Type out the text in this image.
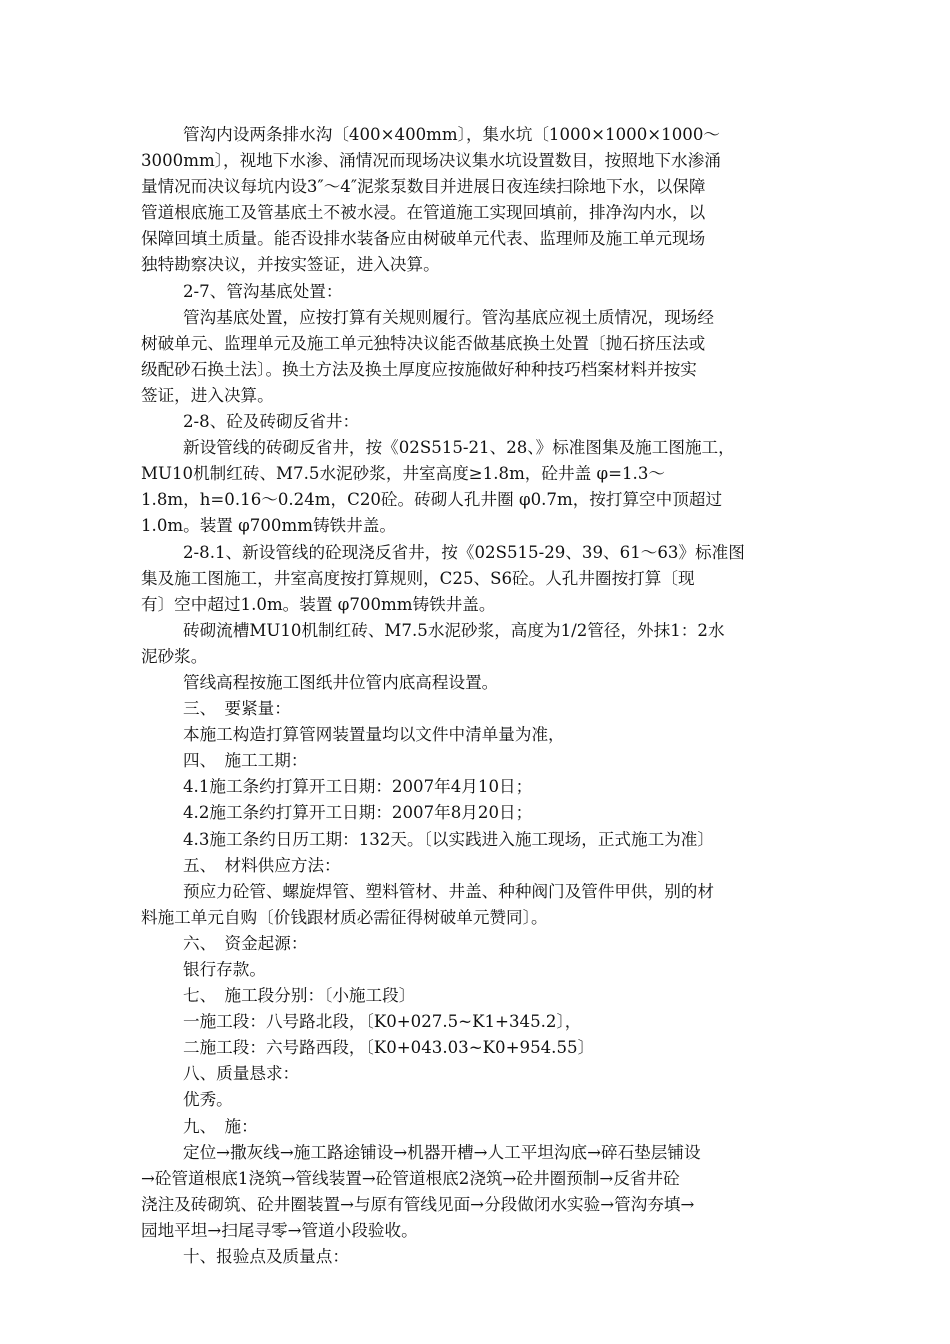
管沟内设两条排水沟〔400×400mm〕，集水坑〔1000×1000×1000～
3000mm〕，视地下水渗、涌情况而现场决议集水坑设置数目，按照地下水渗涌
量情况而决议每坑内设3″～4″泥浆泵数目并进展日夜连续扫除地下水，以保障
管道根底施工及管基底土不被水浸。在管道施工实现回填前，排净沟内水，以
保障回填土质量。能否设排水装备应由树破单元代表、监理师及施工单元现场
独特勘察决议，并按实签证，进入决算。
2-7、管沟基底处置：
管沟基底处置，应按打算有关规则履行。管沟基底应视土质情况，现场经
树破单元、监理单元及施工单元独特决议能否做基底换土处置〔抛石挤压法或
级配砂石换土法〕。换土方法及换土厚度应按施做好种种技巧档案材料并按实
签证，进入决算。
2-8、砼及砖砌反省井：
新设管线的砖砌反省井，按《02S515-21、28、》标准图集及施工图施工，
MU10机制红砖、M7.5水泥砂浆，井室高度≥1.8m，砼井盖 φ=1.3～
1.8m，h=0.16～0.24m，C20砼。砖砌人孔井圈 φ0.7m，按打算空中顶超过
1.0m。装置 φ700mm铸铁井盖。
2-8.1、新设管线的砼现浇反省井，按《02S515-29、39、61～63》标准图
集及施工图施工，井室高度按打算规则，C25、S6砼。人孔井圈按打算〔现
有〕空中超过1.0m。装置 φ700mm铸铁井盖。
砖砌流槽MU10机制红砖、M7.5水泥砂浆，高度为1/2管径，外抹1：2水
泥砂浆。
管线高程按施工图纸井位管内底高程设置。
三、　要紧量：
本施工构造打算管网装置量均以文件中清单量为准，
四、　施工工期：
4.1施工条约打算开工日期：2007年4月10日；
4.2施工条约打算开工日期：2007年8月20日；
4.3施工条约日历工期：132天。〔以实践进入施工现场，正式施工为准〕
五、　材料供应方法：
预应力砼管、螺旋焊管、塑料管材、井盖、种种阀门及管件甲供，别的材
料施工单元自购〔价钱跟材质必需征得树破单元赞同〕。
六、　资金起源：
银行存款。
七、　施工段分别：〔小施工段〕
一施工段：八号路北段，〔K0+027.5~K1+345.2〕，
二施工段：六号路西段，〔K0+043.03~K0+954.55〕
八、质量恳求：
优秀。
九、　施：
定位→撒灰线→施工路途铺设→机器开槽→人工平坦沟底→碎石垫层铺设
→砼管道根底1浇筑→管线装置→砼管道根底2浇筑→砼井圈预制→反省井砼
浇注及砖砌筑、砼井圈装置→与原有管线见面→分段做闭水实验→管沟夯填→
园地平坦→扫尾寻零→管道小段验收。
十、报验点及质量点：
